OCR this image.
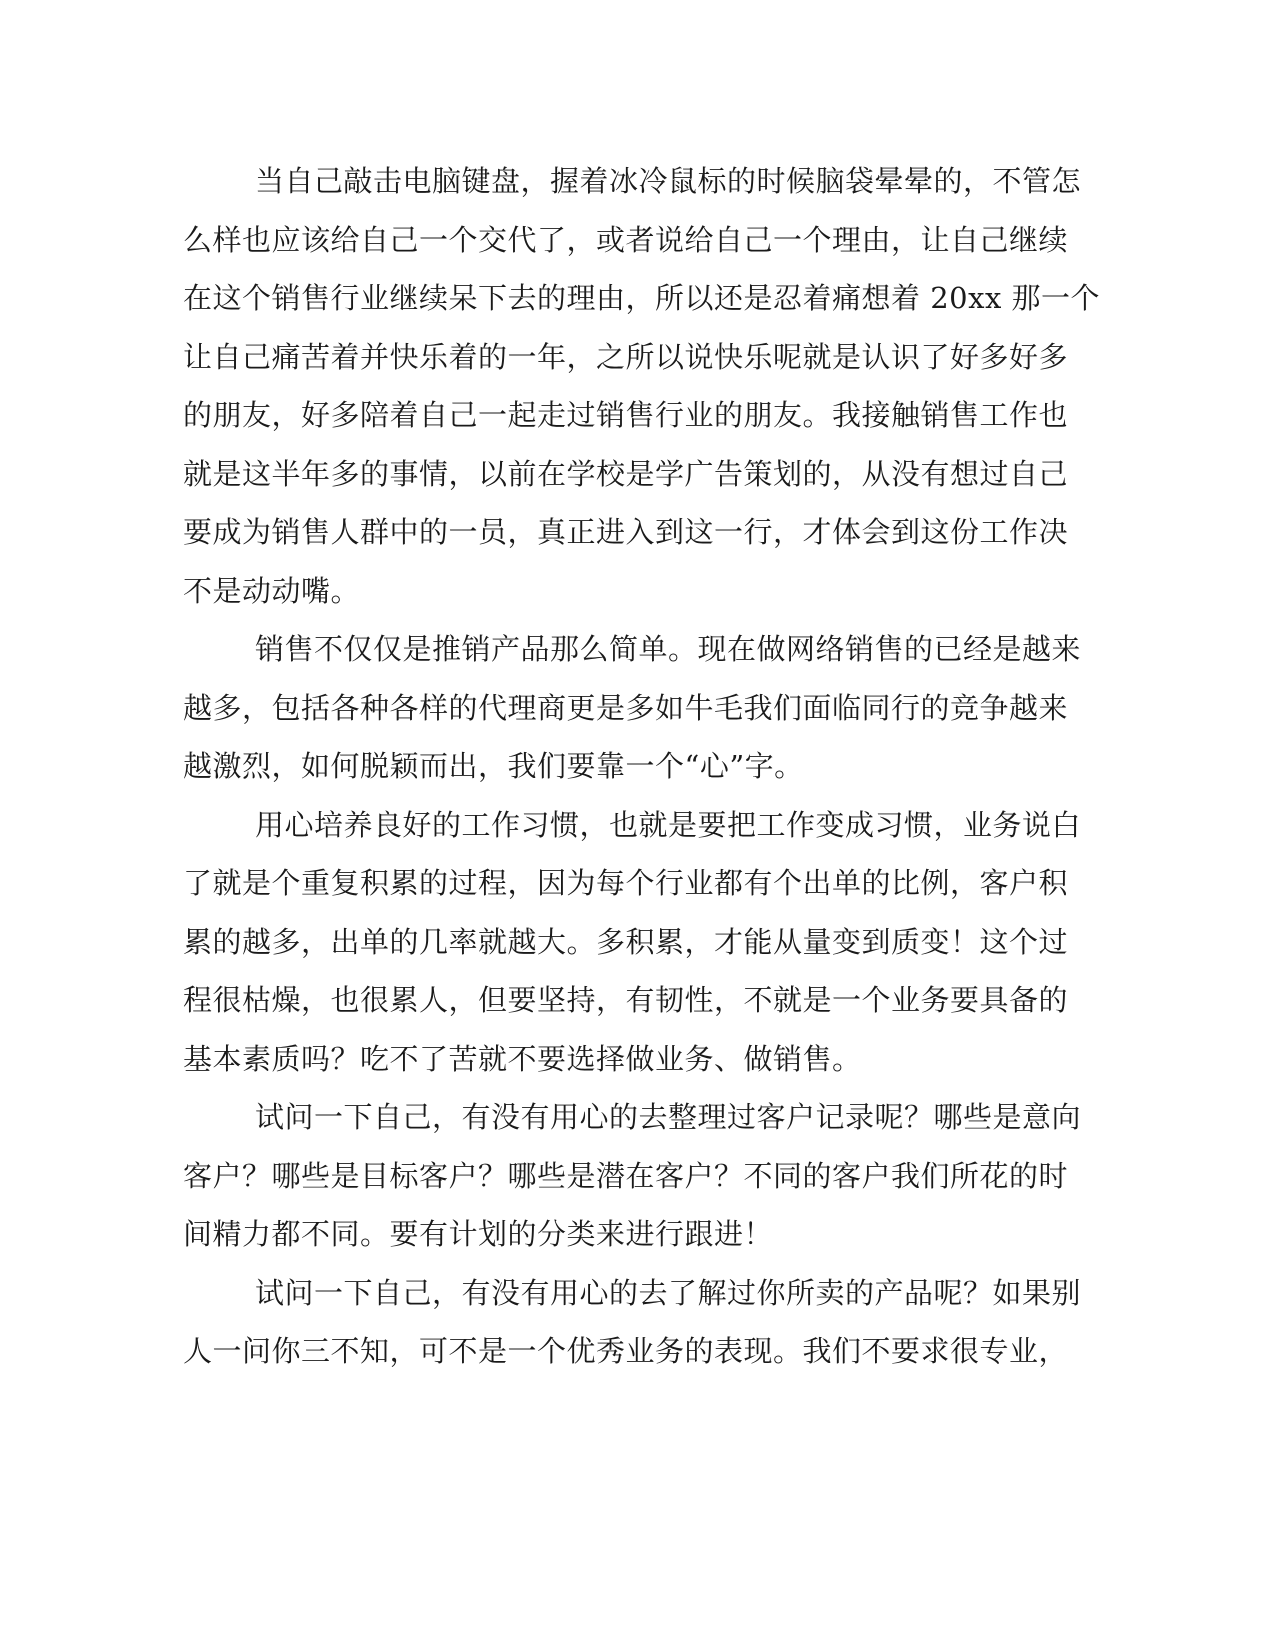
当自己敲击电脑键盘，握着冰冷鼠标的时候脑袋晕晕的，不管怎
么样也应该给自己一个交代了，或者说给自己一个理由，让自己继续
在这个销售行业继续呆下去的理由，所以还是忍着痛想着 20xx 那一个
让自己痛苦着并快乐着的一年，之所以说快乐呢就是认识了好多好多
的朋友，好多陪着自己一起走过销售行业的朋友。我接触销售工作也
就是这半年多的事情，以前在学校是学广告策划的，从没有想过自己
要成为销售人群中的一员，真正进入到这一行，才体会到这份工作决
不是动动嘴。
销售不仅仅是推销产品那么简单。现在做网络销售的已经是越来
越多，包括各种各样的代理商更是多如牛毛我们面临同行的竞争越来
越激烈，如何脱颖而出，我们要靠一个“心”字。
用心培养良好的工作习惯，也就是要把工作变成习惯，业务说白
了就是个重复积累的过程，因为每个行业都有个出单的比例，客户积
累的越多，出单的几率就越大。多积累，才能从量变到质变！这个过
程很枯燥，也很累人，但要坚持，有韧性，不就是一个业务要具备的
基本素质吗？吃不了苦就不要选择做业务、做销售。
试问一下自己，有没有用心的去整理过客户记录呢？哪些是意向
客户？哪些是目标客户？哪些是潜在客户？不同的客户我们所花的时
间精力都不同。要有计划的分类来进行跟进！
试问一下自己，有没有用心的去了解过你所卖的产品呢？如果别
人一问你三不知，可不是一个优秀业务的表现。我们不要求很专业，
